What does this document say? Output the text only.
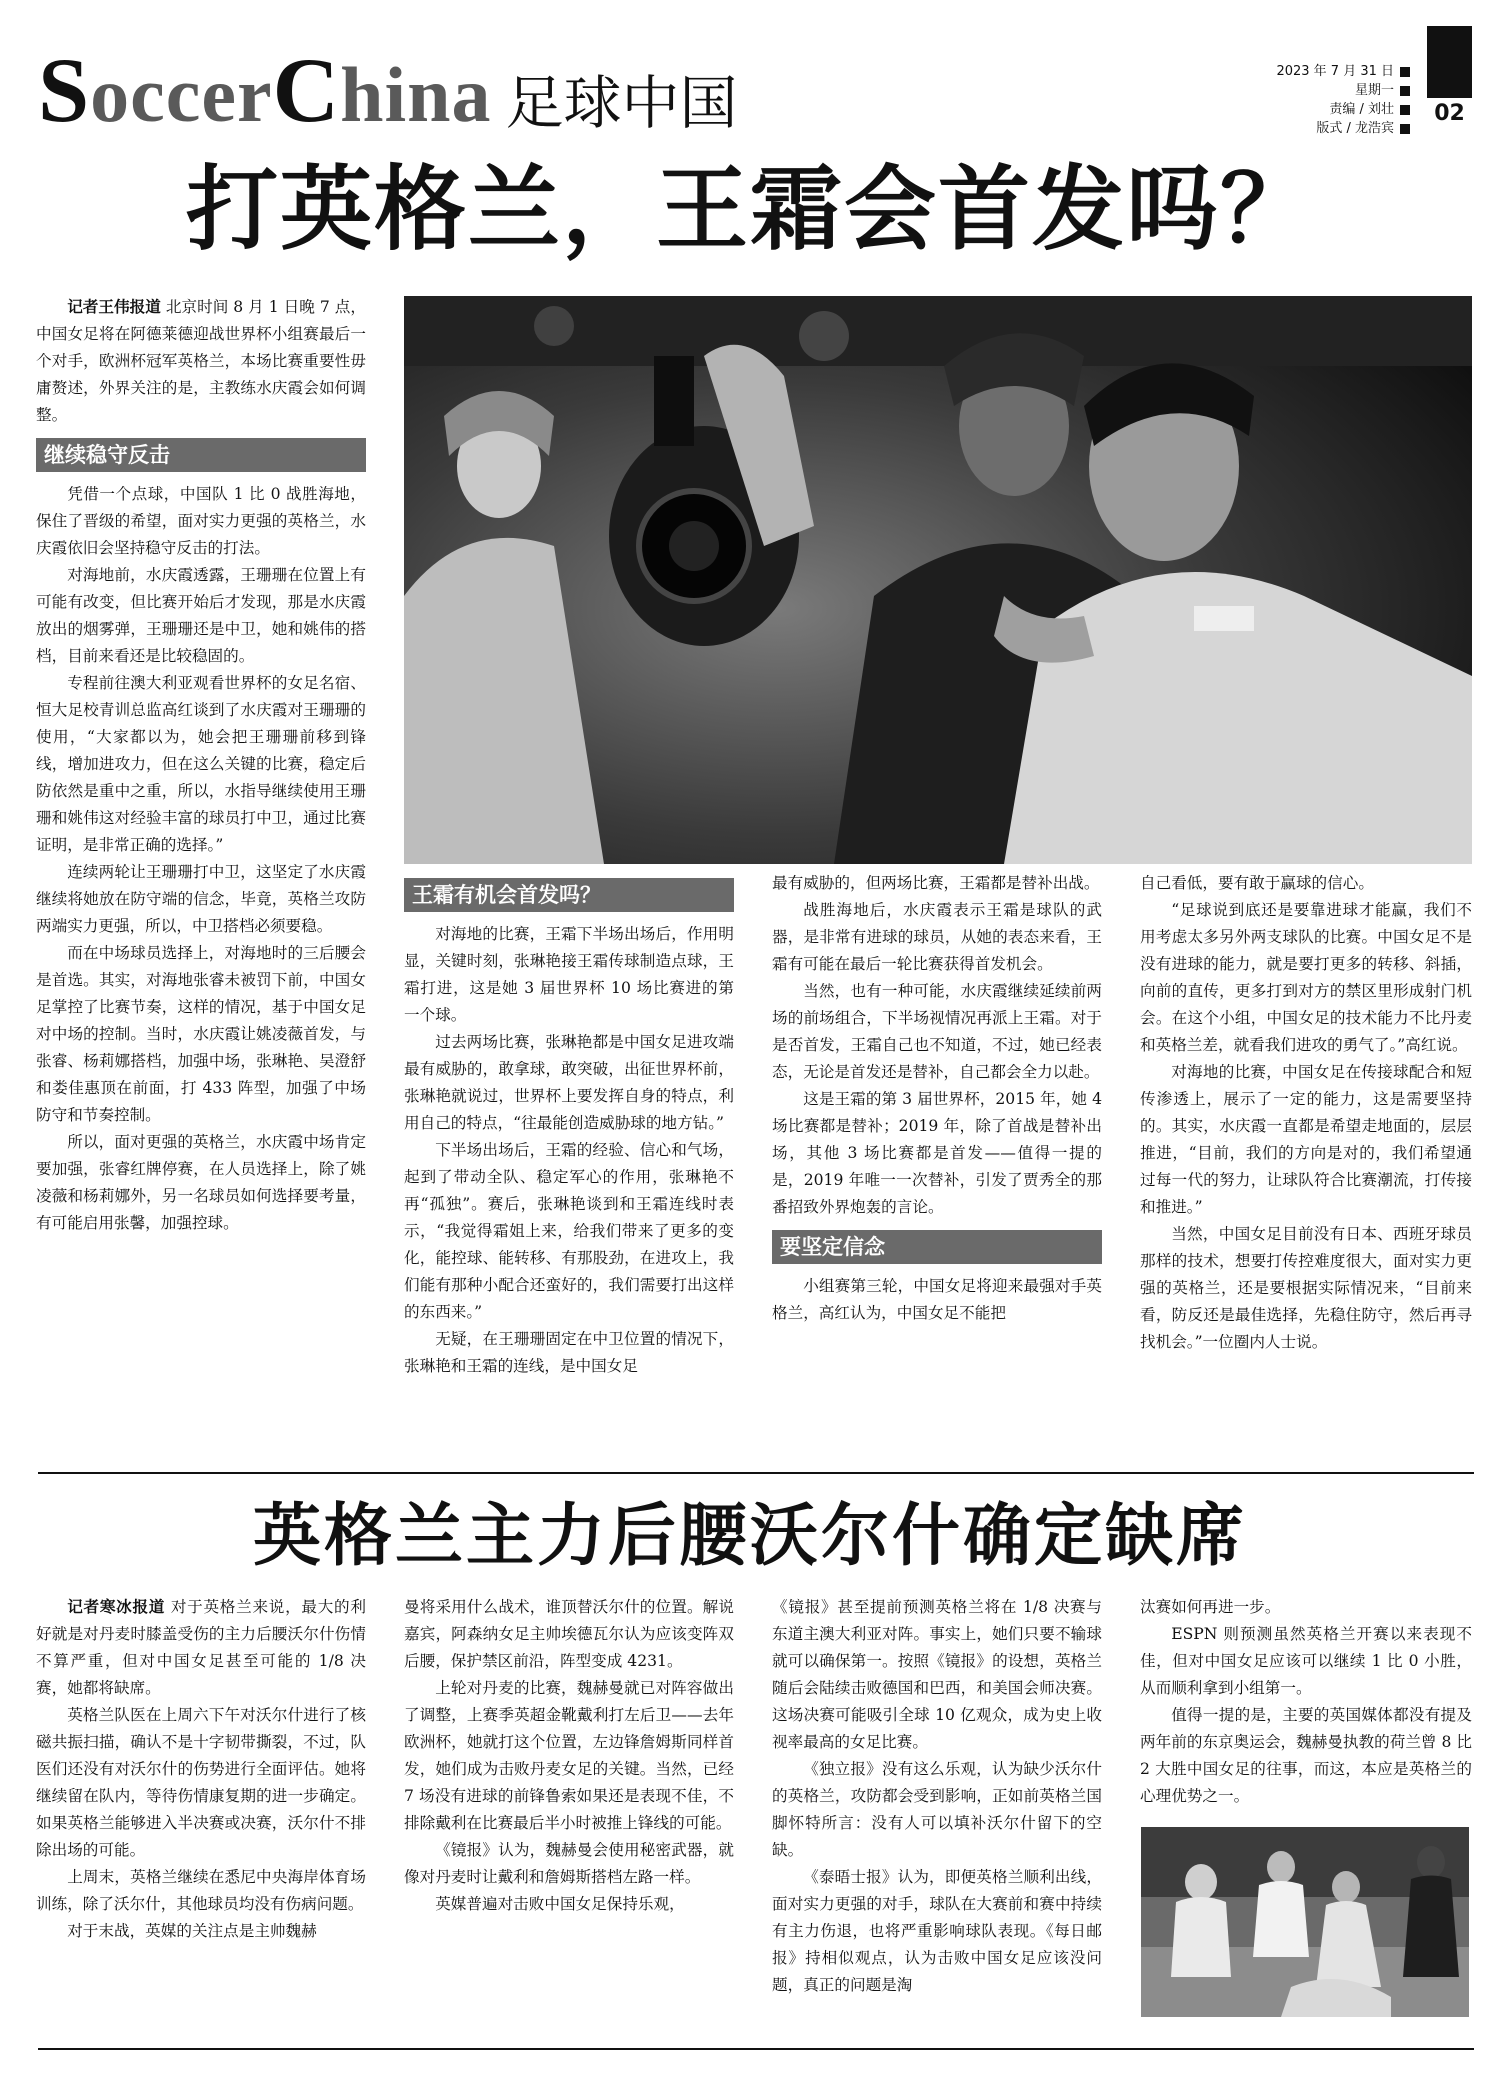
SoccerChina 足球中国	2023 年 7 月 31 日
星期一
责编 / 刘壮
版式 / 龙浩宾
02
打英格兰，王霜会首发吗？

记者王伟报道 北京时间 8 月 1 日晚 7 点，中国女足将在阿德莱德迎战世界杯小组赛最后一个对手，欧洲杯冠军英格兰，本场比赛重要性毋庸赘述，外界关注的是，主教练水庆霞会如何调整。

继续稳守反击

凭借一个点球，中国队 1 比 0 战胜海地，保住了晋级的希望，面对实力更强的英格兰，水庆霞依旧会坚持稳守反击的打法。

对海地前，水庆霞透露，王珊珊在位置上有可能有改变，但比赛开始后才发现，那是水庆霞放出的烟雾弹，王珊珊还是中卫，她和姚伟的搭档，目前来看还是比较稳固的。

专程前往澳大利亚观看世界杯的女足名宿、恒大足校青训总监高红谈到了水庆霞对王珊珊的使用，“大家都以为，她会把王珊珊前移到锋线，增加进攻力，但在这么关键的比赛，稳定后防依然是重中之重，所以，水指导继续使用王珊珊和姚伟这对经验丰富的球员打中卫，通过比赛证明，是非常正确的选择。”

连续两轮让王珊珊打中卫，这坚定了水庆霞继续将她放在防守端的信念，毕竟，英格兰攻防两端实力更强，所以，中卫搭档必须要稳。

而在中场球员选择上，对海地时的三后腰会是首选。其实，对海地张睿未被罚下前，中国女足掌控了比赛节奏，这样的情况，基于中国女足对中场的控制。当时，水庆霞让姚凌薇首发，与张睿、杨莉娜搭档，加强中场，张琳艳、吴澄舒和娄佳惠顶在前面，打 433 阵型，加强了中场防守和节奏控制。

所以，面对更强的英格兰，水庆霞中场肯定要加强，张睿红牌停赛，在人员选择上，除了姚凌薇和杨莉娜外，另一名球员如何选择要考量，有可能启用张馨，加强控球。

王霜有机会首发吗？

对海地的比赛，王霜下半场出场后，作用明显，关键时刻，张琳艳接王霜传球制造点球，王霜打进，这是她 3 届世界杯 10 场比赛进的第一个球。

过去两场比赛，张琳艳都是中国女足进攻端最有威胁的，敢拿球，敢突破，出征世界杯前，张琳艳就说过，世界杯上要发挥自身的特点，利用自己的特点，“往最能创造威胁球的地方钻。”

下半场出场后，王霜的经验、信心和气场，起到了带动全队、稳定军心的作用，张琳艳不再“孤独”。赛后，张琳艳谈到和王霜连线时表示，“我觉得霜姐上来，给我们带来了更多的变化，能控球、能转移、有那股劲，在进攻上，我们能有那种小配合还蛮好的，我们需要打出这样的东西来。”

无疑，在王珊珊固定在中卫位置的情况下，张琳艳和王霜的连线，是中国女足

最有威胁的，但两场比赛，王霜都是替补出战。

战胜海地后，水庆霞表示王霜是球队的武器，是非常有进球的球员，从她的表态来看，王霜有可能在最后一轮比赛获得首发机会。

当然，也有一种可能，水庆霞继续延续前两场的前场组合，下半场视情况再派上王霜。对于是否首发，王霜自己也不知道，不过，她已经表态，无论是首发还是替补，自己都会全力以赴。

这是王霜的第 3 届世界杯，2015 年，她 4 场比赛都是替补；2019 年，除了首战是替补出场，其他 3 场比赛都是首发——值得一提的是，2019 年唯一一次替补，引发了贾秀全的那番招致外界炮轰的言论。

要坚定信念

小组赛第三轮，中国女足将迎来最强对手英格兰，高红认为，中国女足不能把

自己看低，要有敢于赢球的信心。

“足球说到底还是要靠进球才能赢，我们不用考虑太多另外两支球队的比赛。中国女足不是没有进球的能力，就是要打更多的转移、斜插，向前的直传，更多打到对方的禁区里形成射门机会。在这个小组，中国女足的技术能力不比丹麦和英格兰差，就看我们进攻的勇气了。”高红说。

对海地的比赛，中国女足在传接球配合和短传渗透上，展示了一定的能力，这是需要坚持的。其实，水庆霞一直都是希望走地面的，层层推进，“目前，我们的方向是对的，我们希望通过每一代的努力，让球队符合比赛潮流，打传接和推进。”

当然，中国女足目前没有日本、西班牙球员那样的技术，想要打传控难度很大，面对实力更强的英格兰，还是要根据实际情况来，“目前来看，防反还是最佳选择，先稳住防守，然后再寻找机会。”一位圈内人士说。

英格兰主力后腰沃尔什确定缺席

记者寒冰报道 对于英格兰来说，最大的利好就是对丹麦时膝盖受伤的主力后腰沃尔什伤情不算严重，但对中国女足甚至可能的 1/8 决赛，她都将缺席。

英格兰队医在上周六下午对沃尔什进行了核磁共振扫描，确认不是十字韧带撕裂，不过，队医们还没有对沃尔什的伤势进行全面评估。她将继续留在队内，等待伤情康复期的进一步确定。如果英格兰能够进入半决赛或决赛，沃尔什不排除出场的可能。

上周末，英格兰继续在悉尼中央海岸体育场训练，除了沃尔什，其他球员均没有伤病问题。

对于末战，英媒的关注点是主帅魏赫

曼将采用什么战术，谁顶替沃尔什的位置。解说嘉宾，阿森纳女足主帅埃德瓦尔认为应该变阵双后腰，保护禁区前沿，阵型变成 4231。

上轮对丹麦的比赛，魏赫曼就已对阵容做出了调整，上赛季英超金靴戴利打左后卫——去年欧洲杯，她就打这个位置，左边锋詹姆斯同样首发，她们成为击败丹麦女足的关键。当然，已经 7 场没有进球的前锋鲁索如果还是表现不佳，不排除戴利在比赛最后半小时被推上锋线的可能。

《镜报》认为，魏赫曼会使用秘密武器，就像对丹麦时让戴利和詹姆斯搭档左路一样。

英媒普遍对击败中国女足保持乐观，

《镜报》甚至提前预测英格兰将在 1/8 决赛与东道主澳大利亚对阵。事实上，她们只要不输球就可以确保第一。按照《镜报》的设想，英格兰随后会陆续击败德国和巴西，和美国会师决赛。这场决赛可能吸引全球 10 亿观众，成为史上收视率最高的女足比赛。

《独立报》没有这么乐观，认为缺少沃尔什的英格兰，攻防都会受到影响，正如前英格兰国脚怀特所言：没有人可以填补沃尔什留下的空缺。

《泰晤士报》认为，即便英格兰顺利出线，面对实力更强的对手，球队在大赛前和赛中持续有主力伤退，也将严重影响球队表现。《每日邮报》持相似观点，认为击败中国女足应该没问题，真正的问题是淘

汰赛如何再进一步。

ESPN 则预测虽然英格兰开赛以来表现不佳，但对中国女足应该可以继续 1 比 0 小胜，从而顺利拿到小组第一。

值得一提的是，主要的英国媒体都没有提及两年前的东京奥运会，魏赫曼执教的荷兰曾 8 比 2 大胜中国女足的往事，而这，本应是英格兰的心理优势之一。
